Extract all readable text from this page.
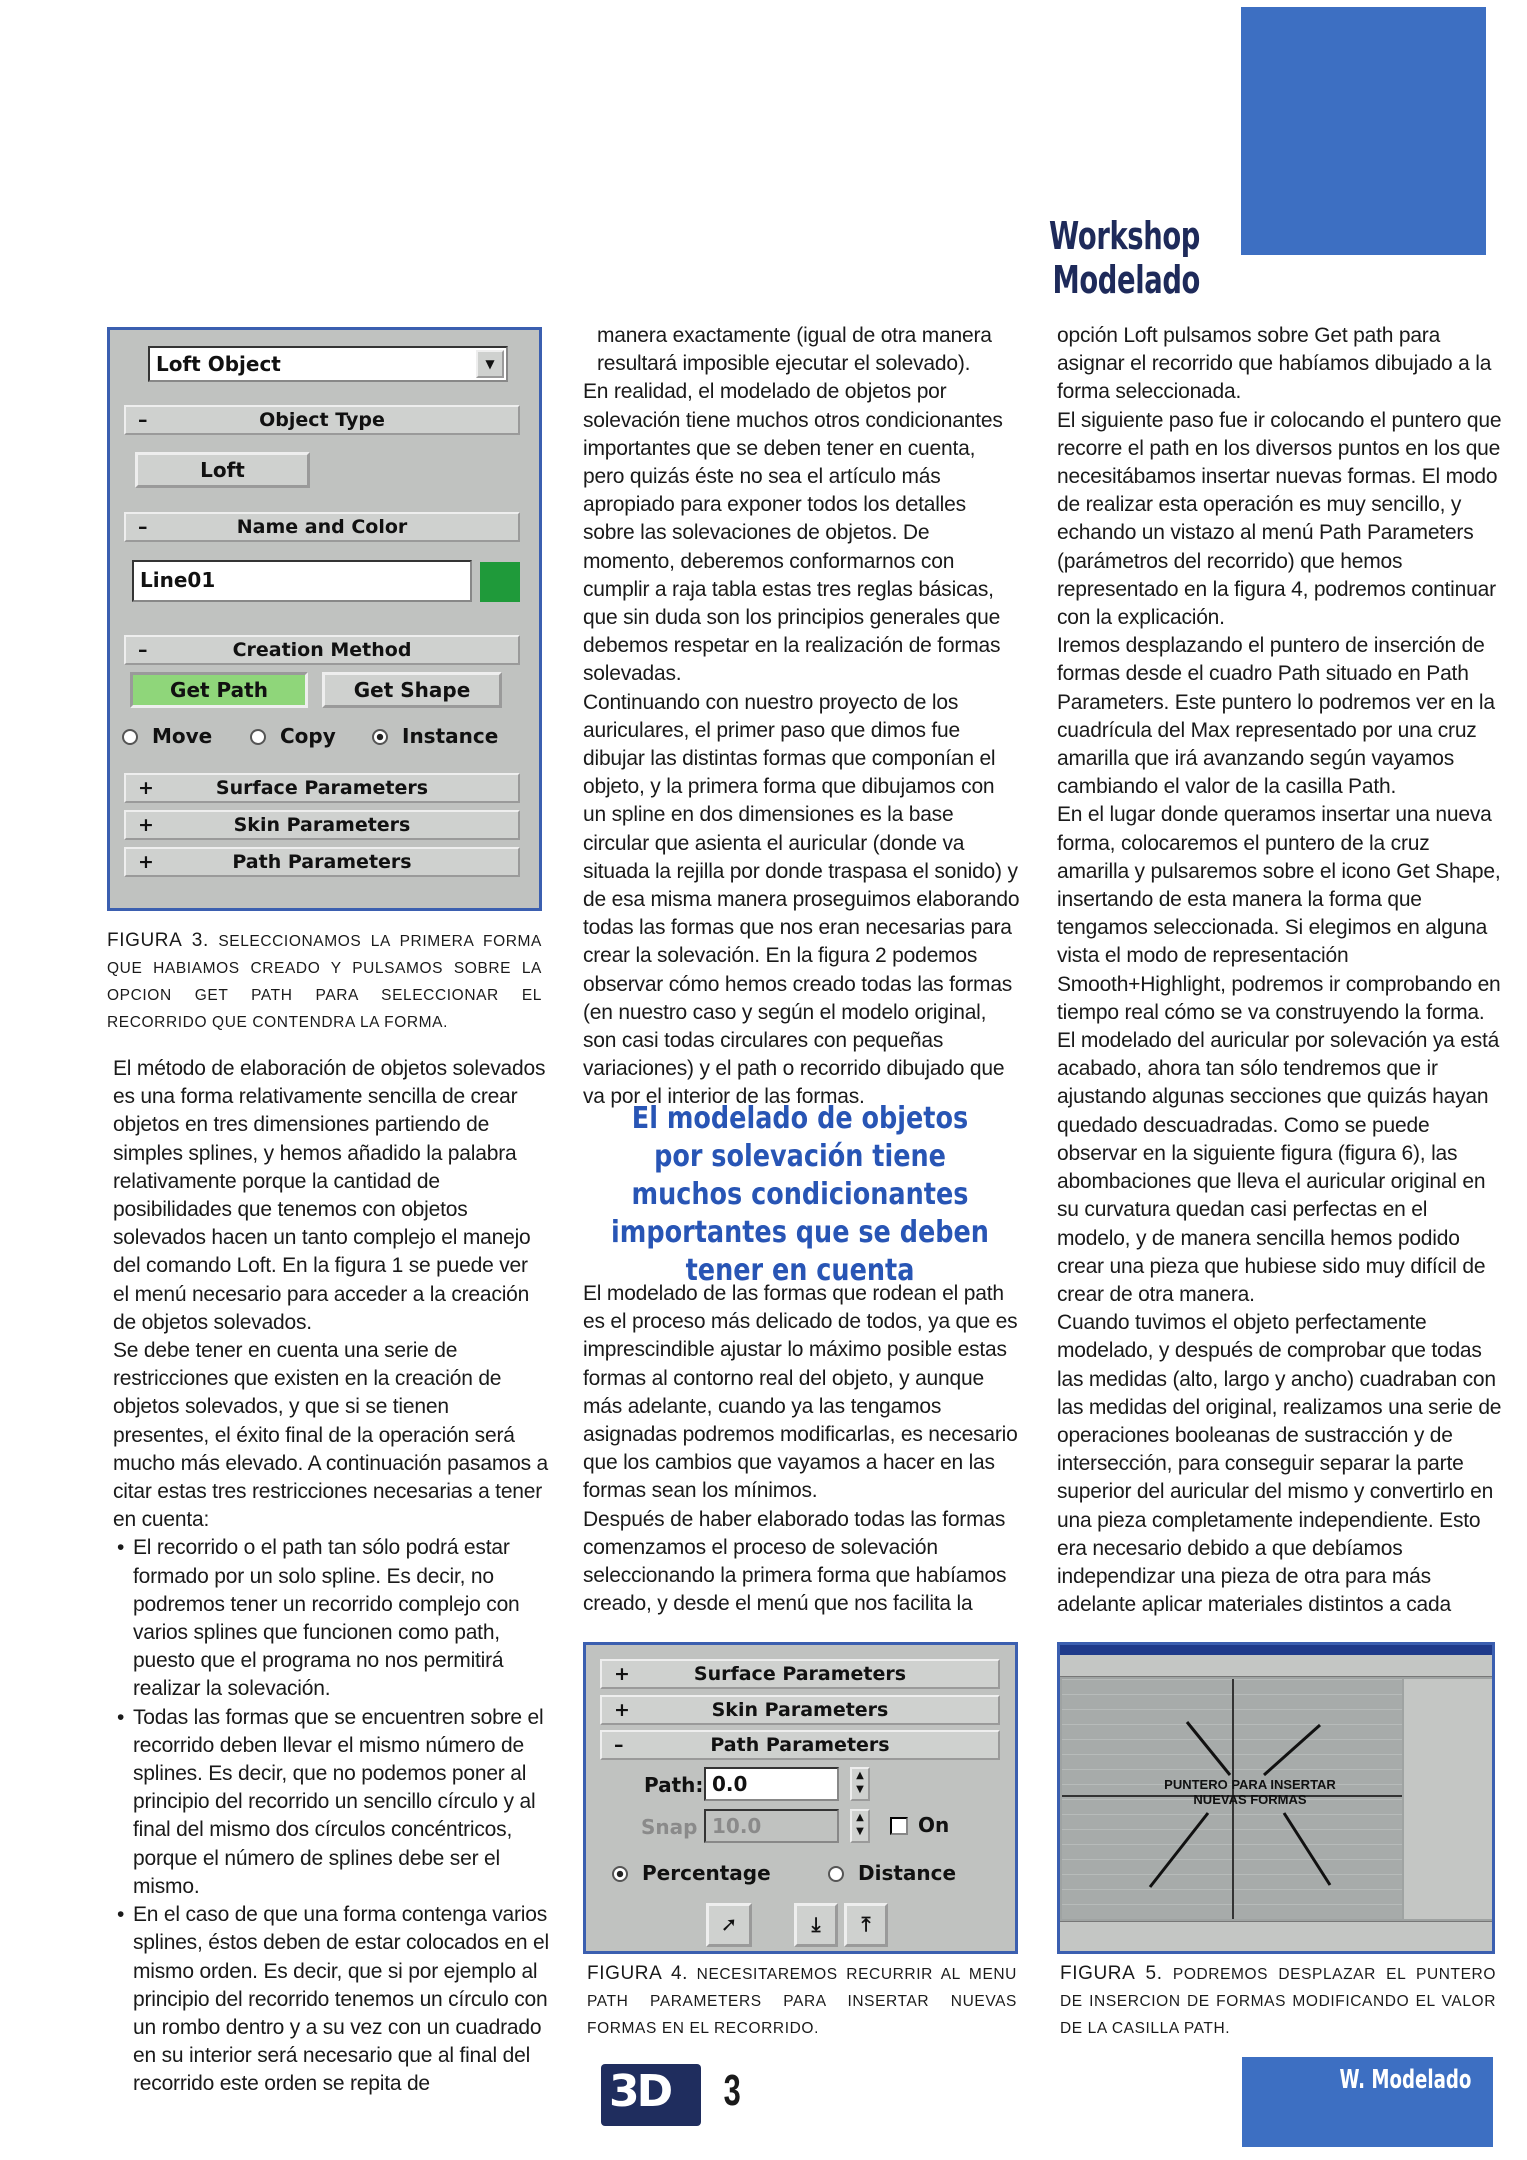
Workshop Modelado
Loft Object	▼
–	Object Type
Loft
–	Name and Color
Line01
–	Creation Method
Get Path	Get Shape
Move	Copy	Instance
+	Surface Parameters
+	Skin Parameters
+	Path Parameters
FIGURA 3. SELECCIONAMOS LA PRIMERA FORMA QUE HABIAMOS CREADO Y PULSAMOS SOBRE LA OPCION GET PATH PARA SELECCIONAR EL RECORRIDO QUE CONTENDRA LA FORMA.

El método de elaboración de objetos solevados es una forma relativamente sencilla de crear objetos en tres dimensiones partiendo de simples splines, y hemos añadido la palabra relativamente porque la cantidad de posibilidades que tenemos con objetos solevados hacen un tanto complejo el manejo del comando Loft. En la figura 1 se puede ver el menú necesario para acceder a la creación de objetos solevados.

Se debe tener en cuenta una serie de restricciones que existen en la creación de objetos solevados, y que si se tienen presentes, el éxito final de la operación será mucho más elevado. A continuación pasamos a citar estas tres restricciones necesarias a tener en cuenta:

• El recorrido o el path tan sólo podrá estar formado por un solo spline. Es decir, no podremos tener un recorrido complejo con varios splines que funcionen como path, puesto que el programa no nos permitirá realizar la solevación.
• Todas las formas que se encuentren sobre el recorrido deben llevar el mismo número de splines. Es decir, que no podemos poner al principio del recorrido un sencillo círculo y al final del mismo dos círculos concéntricos, porque el número de splines debe ser el mismo.
• En el caso de que una forma contenga varios splines, éstos deben de estar colocados en el mismo orden. Es decir, que si por ejemplo al principio del recorrido tenemos un círculo con un rombo dentro y a su vez con un cuadrado en su interior será necesario que al final del recorrido este orden se repita de

manera exactamente (igual de otra manera resultará imposible ejecutar el solevado).

En realidad, el modelado de objetos por solevación tiene muchos otros condicionantes importantes que se deben tener en cuenta, pero quizás éste no sea el artículo más apropiado para exponer todos los detalles sobre las solevaciones de objetos. De momento, deberemos conformarnos con cumplir a raja tabla estas tres reglas básicas, que sin duda son los principios generales que debemos respetar en la realización de formas solevadas.

Continuando con nuestro proyecto de los auriculares, el primer paso que dimos fue dibujar las distintas formas que componían el objeto, y la primera forma que dibujamos con un spline en dos dimensiones es la base circular que asienta el auricular (donde va situada la rejilla por donde traspasa el sonido) y de esa misma manera proseguimos elaborando todas las formas que nos eran necesarias para crear la solevación. En la figura 2 podemos observar cómo hemos creado todas las formas (en nuestro caso y según el modelo original, son casi todas circulares con pequeñas variaciones) y el path o recorrido dibujado que va por el interior de las formas.

El modelado de objetos por solevación tiene muchos condicionantes importantes que se deben tener en cuenta

El modelado de las formas que rodean el path es el proceso más delicado de todos, ya que es imprescindible ajustar lo máximo posible estas formas al contorno real del objeto, y aunque más adelante, cuando ya las tengamos asignadas podremos modificarlas, es necesario que los cambios que vayamos a hacer en las formas sean los mínimos.

Después de haber elaborado todas las formas comenzamos el proceso de solevación seleccionando la primera forma que habíamos creado, y desde el menú que nos facilita la

opción Loft pulsamos sobre Get path para asignar el recorrido que habíamos dibujado a la forma seleccionada.

El siguiente paso fue ir colocando el puntero que recorre el path en los diversos puntos en los que necesitábamos insertar nuevas formas. El modo de realizar esta operación es muy sencillo, y echando un vistazo al menú Path Parameters (parámetros del recorrido) que hemos representado en la figura 4, podremos continuar con la explicación.

Iremos desplazando el puntero de inserción de formas desde el cuadro Path situado en Path Parameters. Este puntero lo podremos ver en la cuadrícula del Max representado por una cruz amarilla que irá avanzando según vayamos cambiando el valor de la casilla Path.

En el lugar donde queramos insertar una nueva forma, colocaremos el puntero de la cruz amarilla y pulsaremos sobre el icono Get Shape, insertando de esta manera la forma que tengamos seleccionada. Si elegimos en alguna vista el modo de representación Smooth+Highlight, podremos ir comprobando en tiempo real cómo se va construyendo la forma.

El modelado del auricular por solevación ya está acabado, ahora tan sólo tendremos que ir ajustando algunas secciones que quizás hayan quedado descuadradas. Como se puede observar en la siguiente figura (figura 6), las abombaciones que lleva el auricular original en su curvatura quedan casi perfectas en el modelo, y de manera sencilla hemos podido crear una pieza que hubiese sido muy difícil de crear de otra manera.

Cuando tuvimos el objeto perfectamente modelado, y después de comprobar que todas las medidas (alto, largo y ancho) cuadraban con las medidas del original, realizamos una serie de operaciones booleanas de sustracción y de intersección, para conseguir separar la parte superior del auricular del mismo y convertirlo en una pieza completamente independiente. Esto era necesario debido a que debíamos independizar una pieza de otra para más adelante aplicar materiales distintos a cada

+	Surface Parameters
+	Skin Parameters
–	Path Parameters
Path: 0.0	▲
▼
Snap 10.0	▲
▼	On
Percentage	Distance
➚	⤓	⤒
FIGURA 4. NECESITAREMOS RECURRIR AL MENU PATH PARAMETERS PARA INSERTAR NUEVAS FORMAS EN EL RECORRIDO.
PUNTERO PARA INSERTAR
NUEVAS FORMAS
FIGURA 5. PODREMOS DESPLAZAR EL PUNTERO DE INSERCION DE FORMAS MODIFICANDO EL VALOR DE LA CASILLA PATH.
3D 3	W. Modelado
